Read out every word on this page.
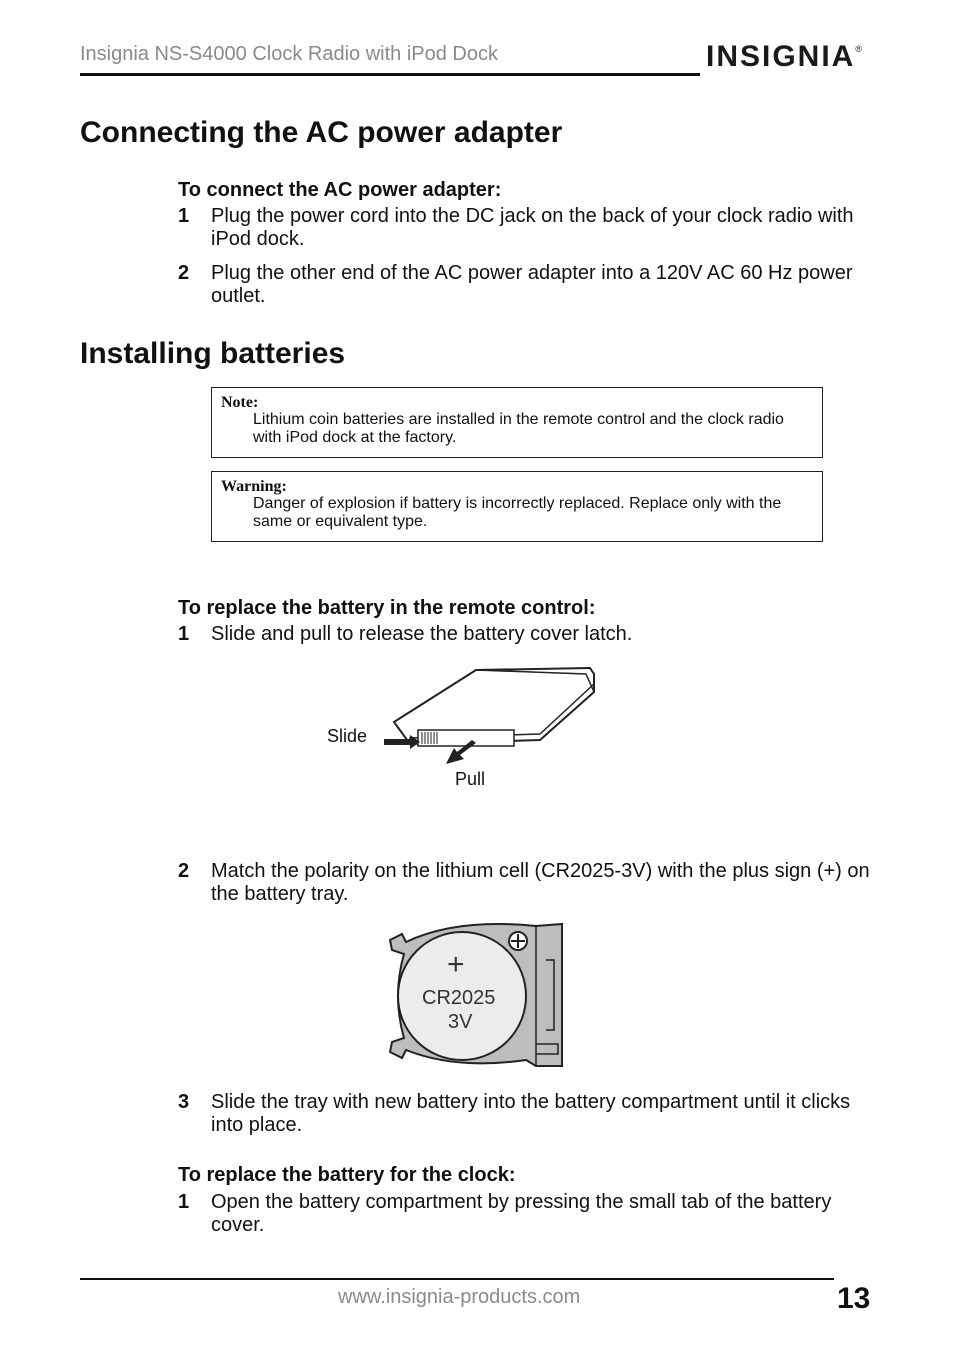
Insignia NS-S4000 Clock Radio with iPod Dock	INSIGNIA®
Connecting the AC power adapter
To connect the AC power adapter:
1 Plug the power cord into the DC jack on the back of your clock radio with iPod dock.
2 Plug the other end of the AC power adapter into a 120V AC 60 Hz power outlet.
Installing batteries
Note:
Lithium coin batteries are installed in the remote control and the clock radio with iPod dock at the factory.
Warning:
Danger of explosion if battery is incorrectly replaced. Replace only with the same or equivalent type.
To replace the battery in the remote control:
1 Slide and pull to release the battery cover latch.
Slide
Pull
2 Match the polarity on the lithium cell (CR2025-3V) with the plus sign (+) on the battery tray.
+
CR2025
3V
3 Slide the tray with new battery into the battery compartment until it clicks into place.
To replace the battery for the clock:
1 Open the battery compartment by pressing the small tab of the battery cover.
www.insignia-products.com	13
